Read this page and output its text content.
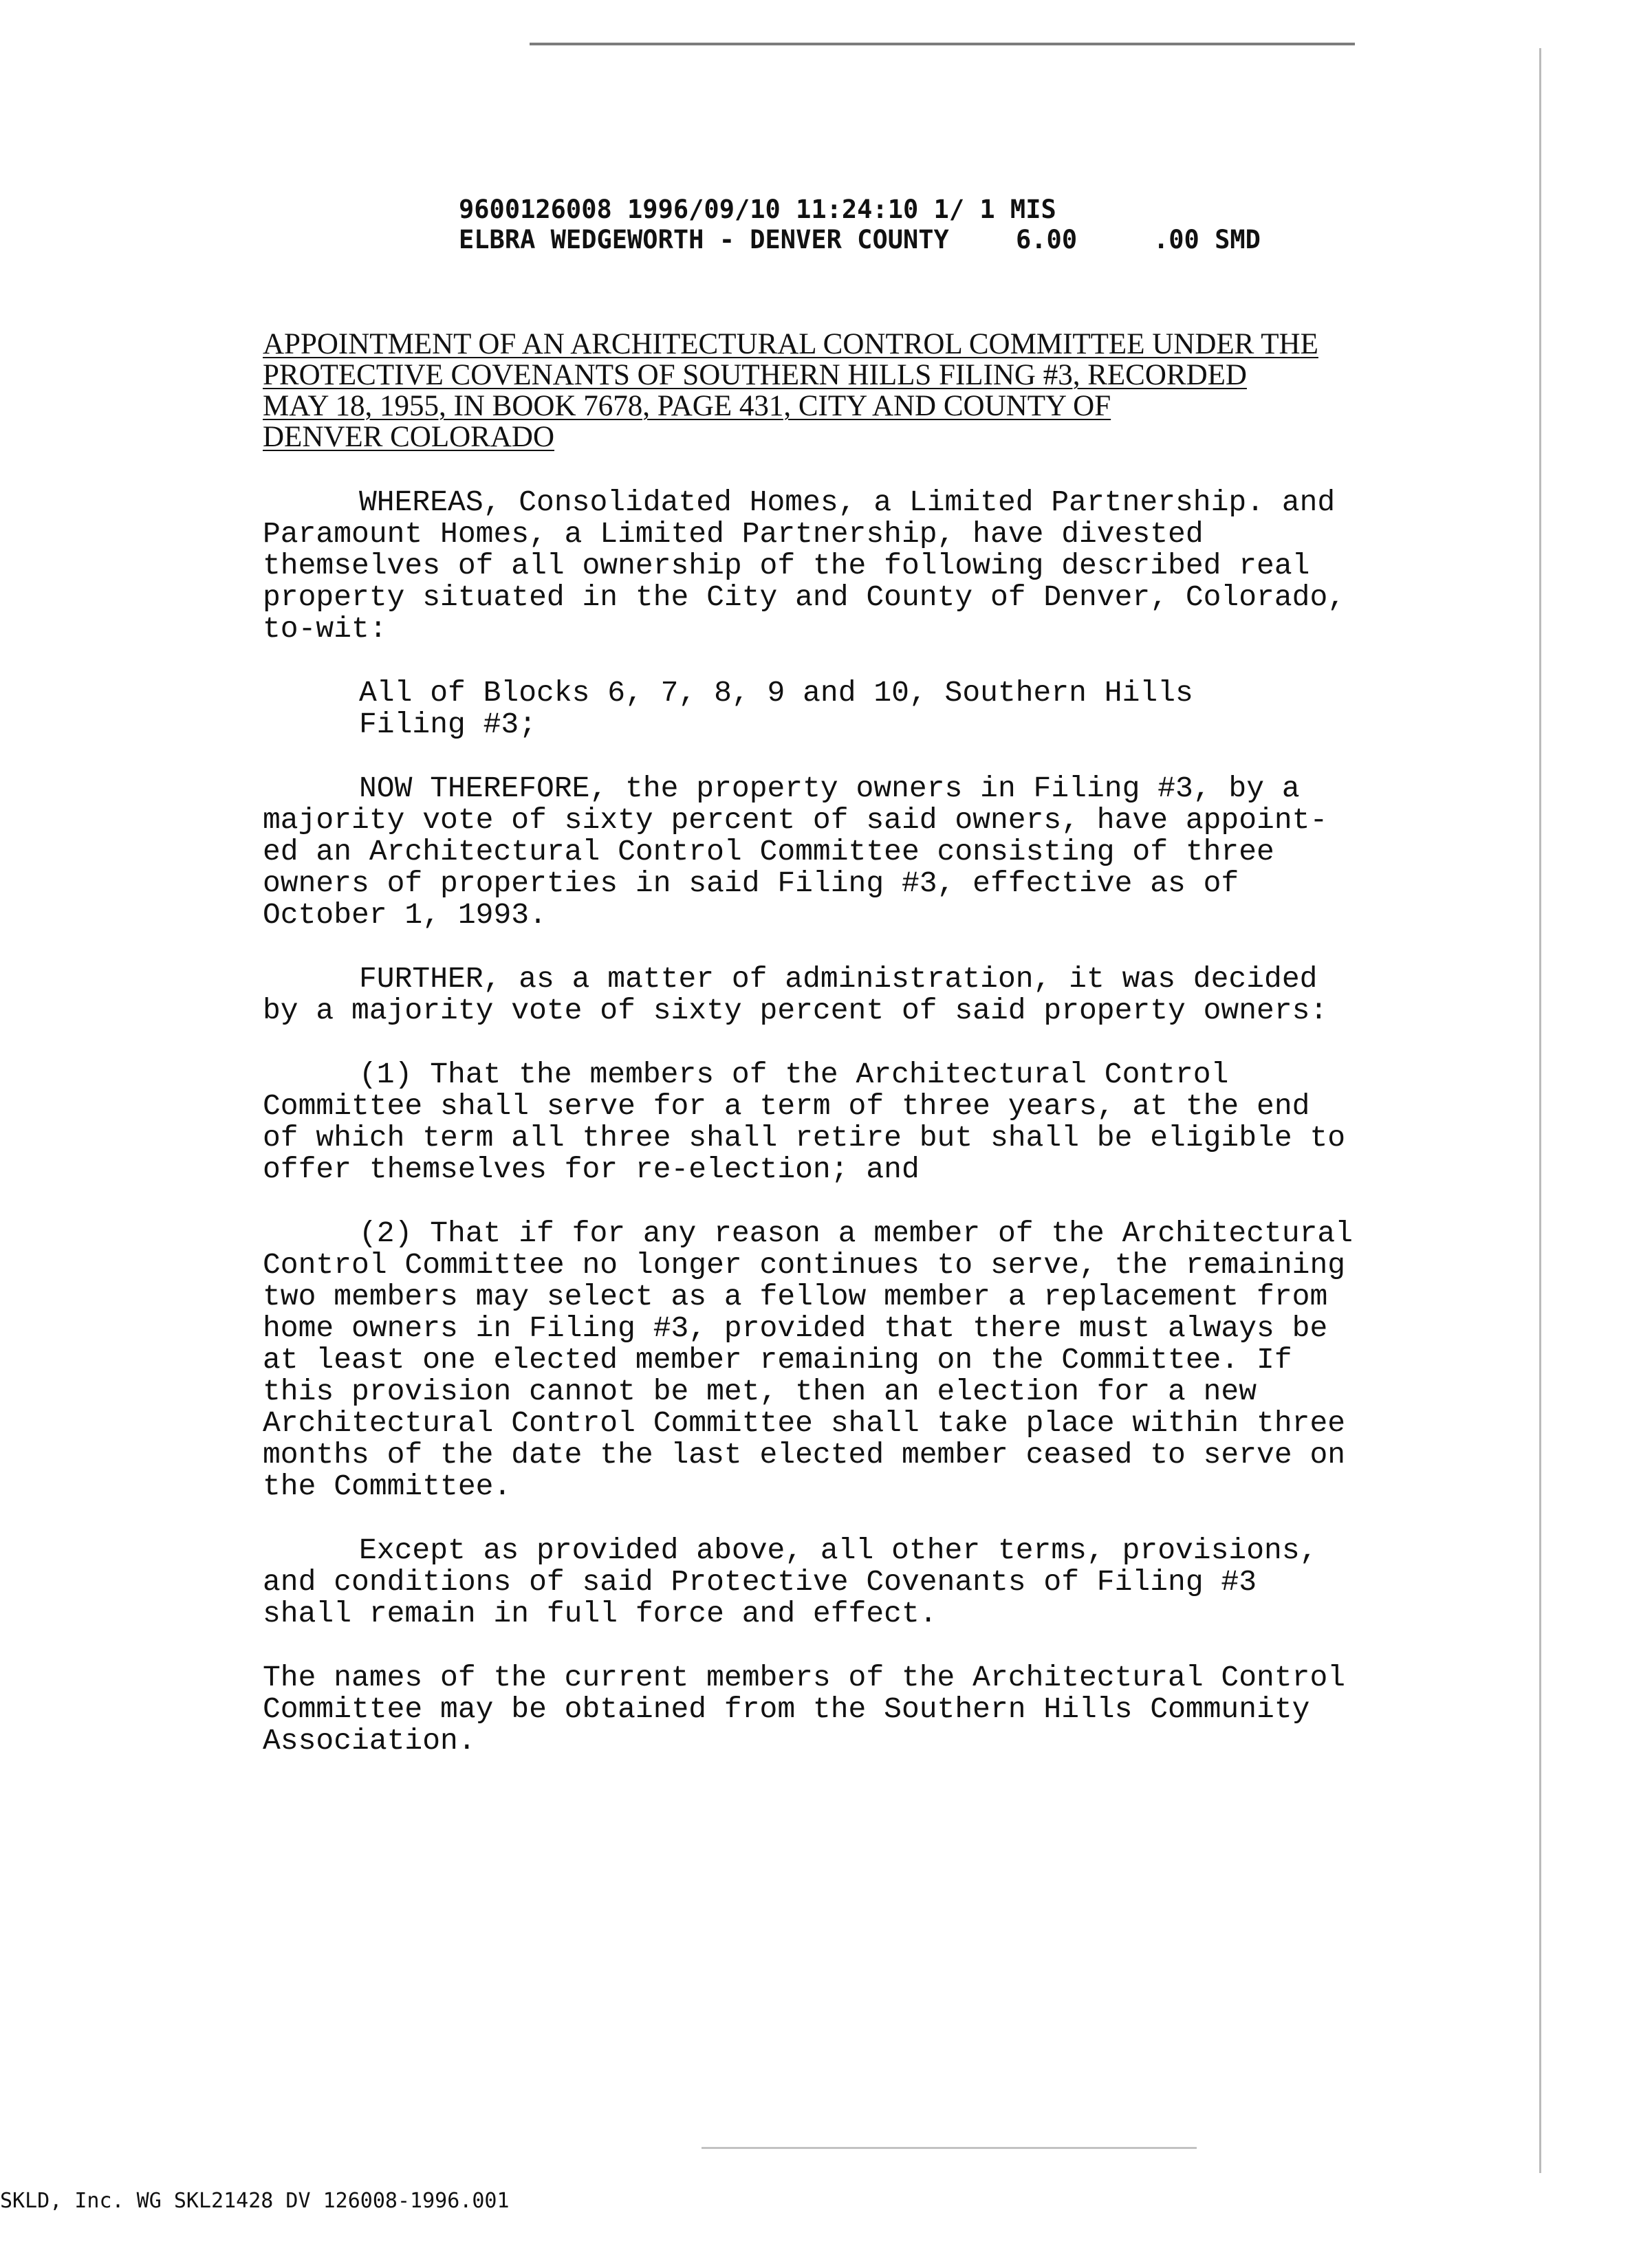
9600126008 1996/09/10 11:24:10 1/ 1 MIS
ELBRA WEDGEWORTH - DENVER COUNTY	6.00	.00 SMD
APPOINTMENT OF AN ARCHITECTURAL CONTROL COMMITTEE UNDER THE
PROTECTIVE COVENANTS OF SOUTHERN HILLS FILING #3, RECORDED
MAY 18, 1955, IN BOOK 7678, PAGE 431, CITY AND COUNTY OF
DENVER COLORADO

WHEREAS, Consolidated Homes, a Limited Partnership. and
Paramount Homes, a Limited Partnership, have divested
themselves of all ownership of the following described real
property situated in the City and County of Denver, Colorado,
to-wit:

All of Blocks 6, 7, 8, 9 and 10, Southern Hills
Filing #3;

NOW THEREFORE, the property owners in Filing #3, by a
majority vote of sixty percent of said owners, have appoint-
ed an Architectural Control Committee consisting of three
owners of properties in said Filing #3, effective as of
October 1, 1993.

FURTHER, as a matter of administration, it was decided
by a majority vote of sixty percent of said property owners:

(1) That the members of the Architectural Control
Committee shall serve for a term of three years, at the end
of which term all three shall retire but shall be eligible to
offer themselves for re-election; and

(2) That if for any reason a member of the Architectural
Control Committee no longer continues to serve, the remaining
two members may select as a fellow member a replacement from
home owners in Filing #3, provided that there must always be
at least one elected member remaining on the Committee. If
this provision cannot be met, then an election for a new
Architectural Control Committee shall take place within three
months of the date the last elected member ceased to serve on
the Committee.

Except as provided above, all other terms, provisions,
and conditions of said Protective Covenants of Filing #3
shall remain in full force and effect.

The names of the current members of the Architectural Control
Committee may be obtained from the Southern Hills Community
Association.

SKLD, Inc. WG SKL21428 DV 126008-1996.001
